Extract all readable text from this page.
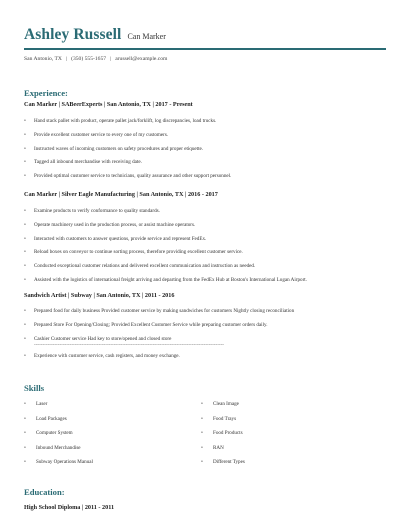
Ashley Russell Can Marker
San Antonio, TX | (350) 555-1657 | arussell@example.com
Experience:
Can Marker | SABeerExperts | San Antonio, TX | 2017 - Present
• Hand stack pallet with product, operate pallet jack/forklift, log discrepancies, load trucks.
• Provide excellent customer service to every one of my customers.
• Instructed waves of incoming customers on safety procedures and proper etiquette.
• Tagged all inbound merchandise with receiving date.
• Provided optimal customer service to technicians, quality assurance and other support personnel.
Can Marker | Silver Eagle Manufacturing | San Antonio, TX | 2016 - 2017
• Examine products to verify conformance to quality standards.
• Operate machinery used in the production process, or assist machine operators.
• Interacted with customers to answer questions, provide service and represent FedEx.
• Reload boxes on conveyor to continue sorting process, therefore providing excellent customer service.
• Conducted exceptional customer relations and delivered excellent communication and instruction as needed.
• Assisted with the logistics of international freight arriving and departing from the FedEx Hub at Boston's International Logan Airport.
Sandwich Artist | Subway | San Antonio, TX | 2011 - 2016
• Prepared food for daily business Provided customer service by making sandwiches for customers Nightly closing reconciliation
• Prepared Store For Opening/Closing; Provided Excellent Customer Service while preparing customer orders daily.
• Cashier Customer service Had key to store/opened and closed store
----------------------------------------------------------------------------------------------------------------
• Experience with customer service, cash registers, and money exchange.
Skills
• Laser
• Load Packages
• Computer System
• Inbound Merchandise
• Subway Operations Manual
• Clean Image
• Food Trays
• Food Products
• RAN
• Different Types
Education:
High School Diploma | 2011 - 2011
